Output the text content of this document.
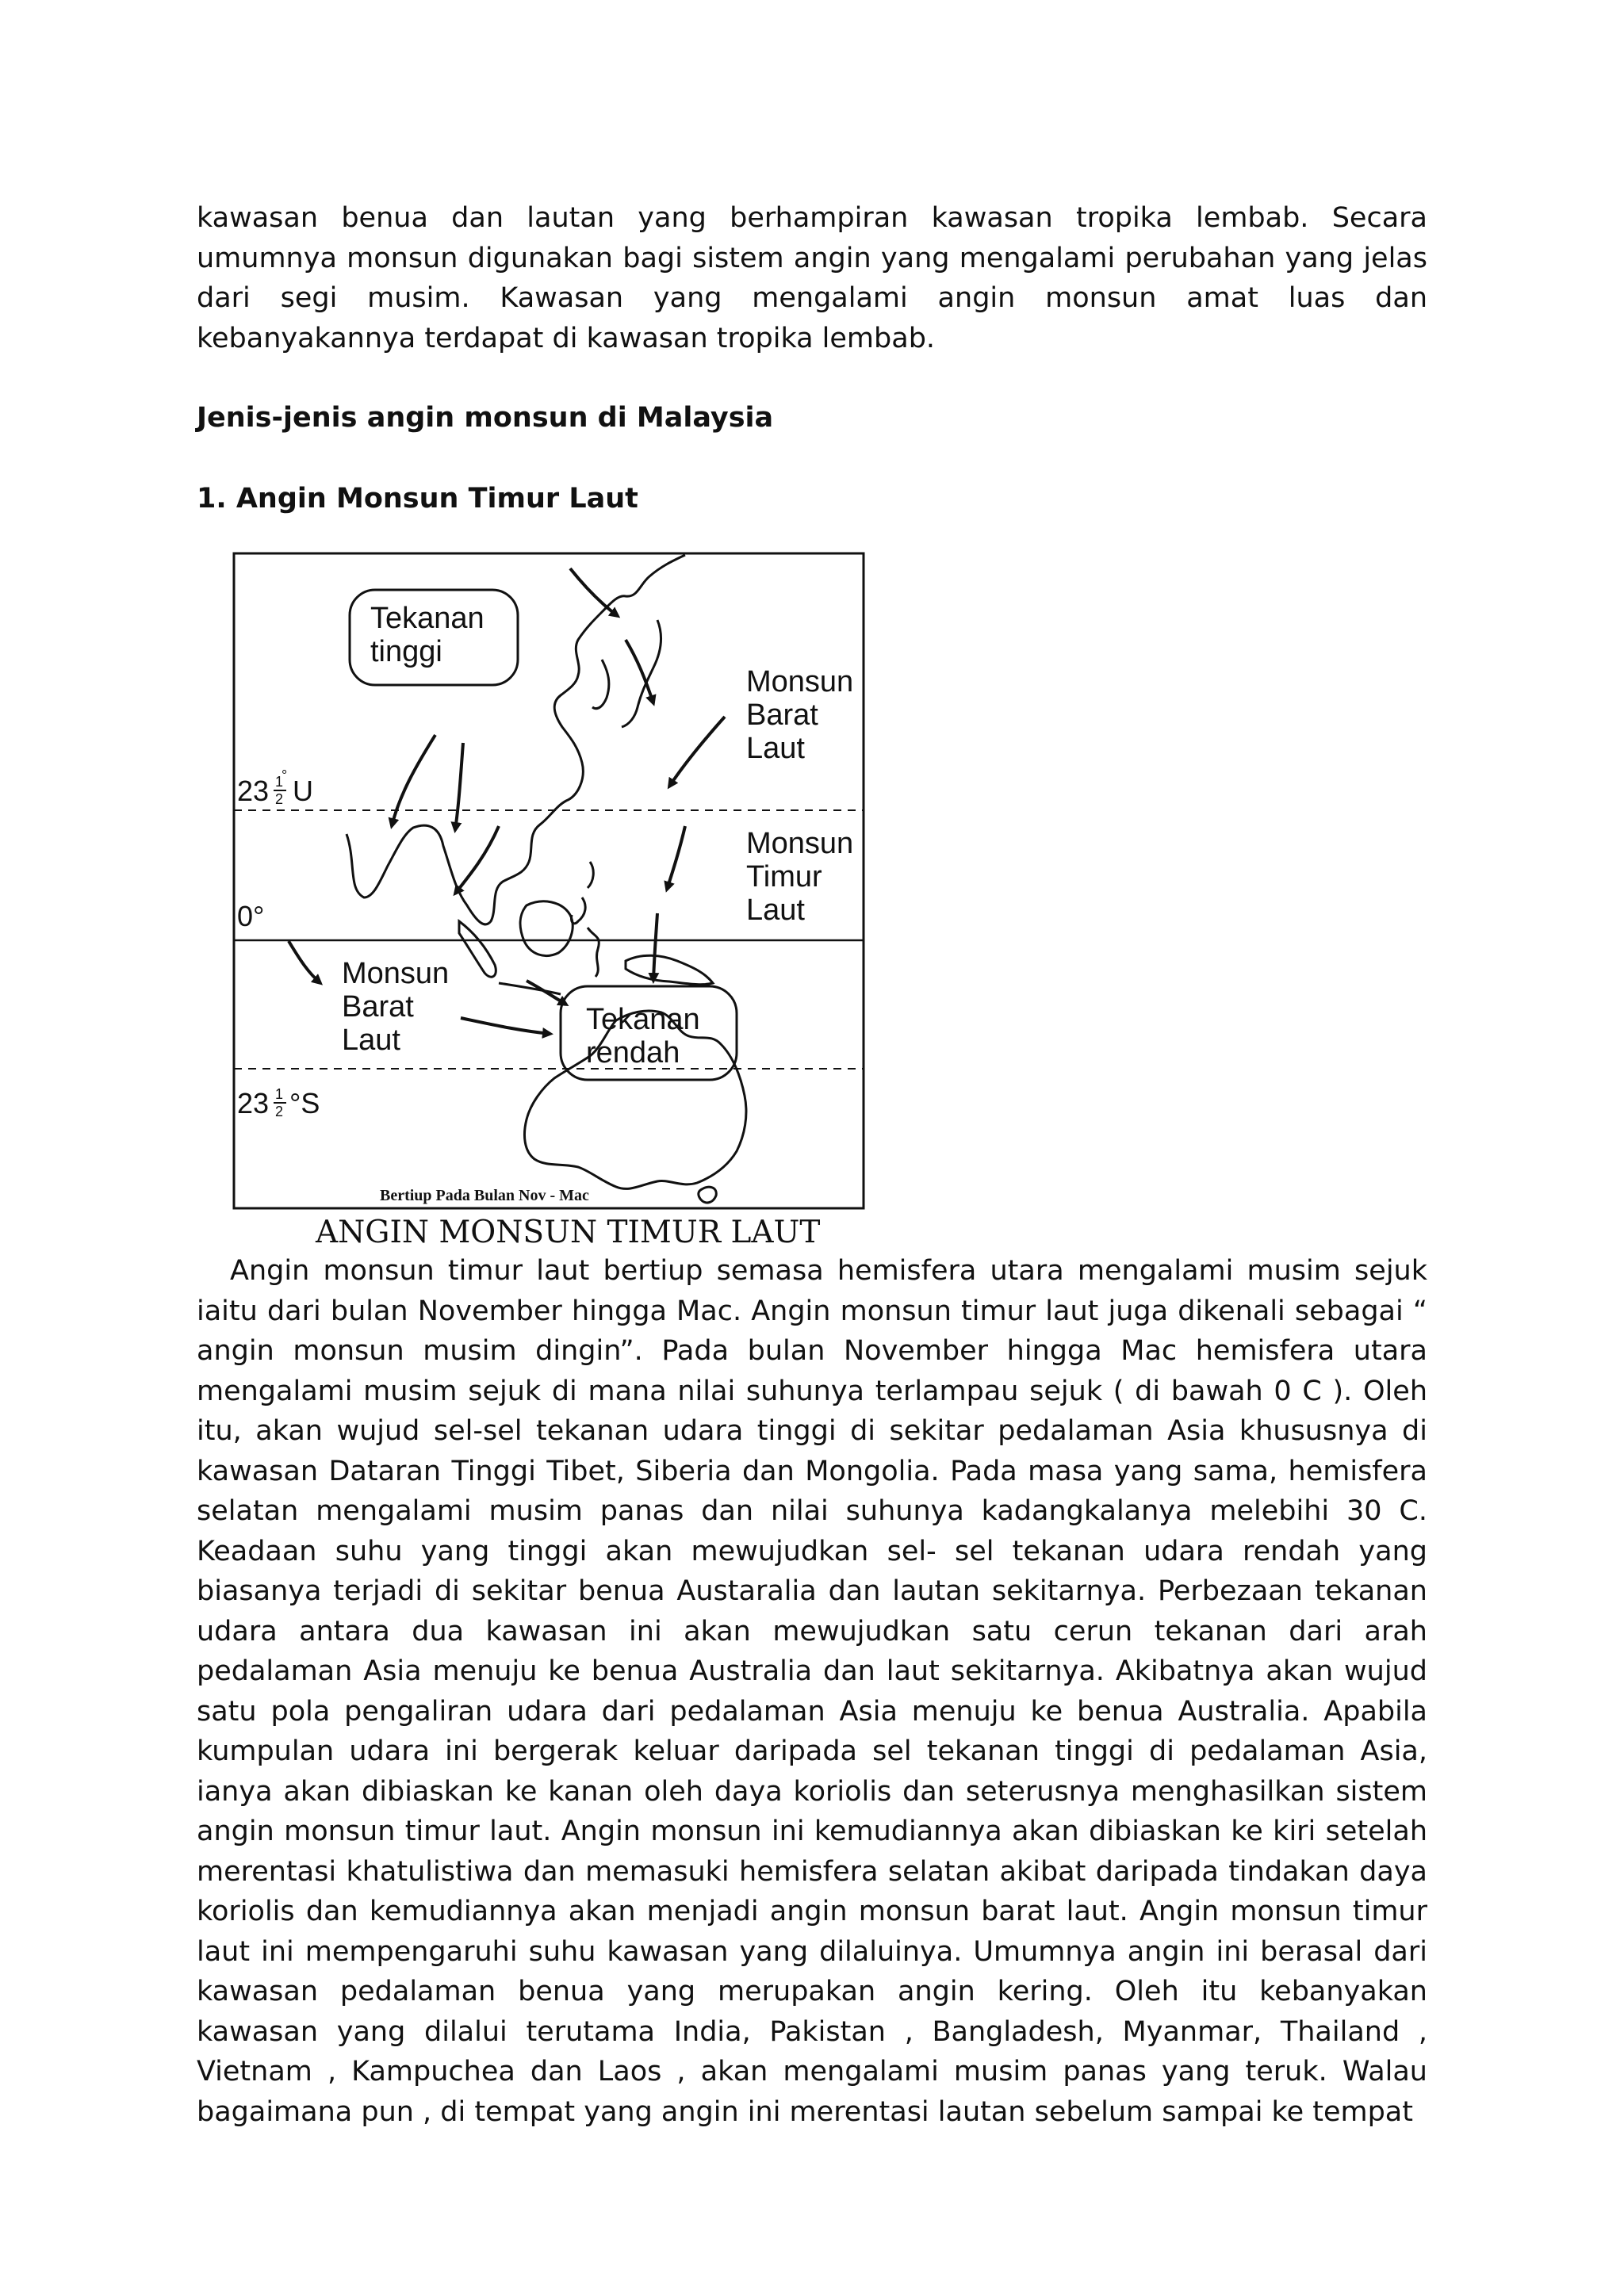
kawasan benua dan lautan yang berhampiran kawasan tropika lembab. Secara umumnya monsun digunakan bagi sistem angin yang mengalami perubahan yang jelas dari segi musim. Kawasan yang mengalami angin monsun amat luas dan kebanyakannya terdapat di kawasan tropika lembab.

Jenis-jenis angin monsun di Malaysia
1. Angin Monsun Timur Laut
Tekanan
tinggi
Tekanan
rendah
Monsun
Barat
Laut
Monsun
Timur
Laut
Monsun
Barat
Laut
23 1
2
° U
0°
23 1
2 °S
Bertiup Pada Bulan Nov - Mac
ANGIN MONSUN TIMUR LAUT

Angin monsun timur laut bertiup semasa hemisfera utara mengalami musim sejuk iaitu dari bulan November hingga Mac. Angin monsun timur laut juga dikenali sebagai “ angin monsun musim dingin”. Pada bulan November hingga Mac hemisfera utara mengalami musim sejuk di mana nilai suhunya terlampau sejuk ( di bawah 0 C ). Oleh itu, akan wujud sel-sel tekanan udara tinggi di sekitar pedalaman Asia khususnya di kawasan Dataran Tinggi Tibet, Siberia dan Mongolia. Pada masa yang sama, hemisfera selatan mengalami musim panas dan nilai suhunya kadangkalanya melebihi 30 C. Keadaan suhu yang tinggi akan mewujudkan sel- sel tekanan udara rendah yang biasanya terjadi di sekitar benua Austaralia dan lautan sekitarnya. Perbezaan tekanan udara antara dua kawasan ini akan mewujudkan satu cerun tekanan dari arah pedalaman Asia menuju ke benua Australia dan laut sekitarnya. Akibatnya akan wujud satu pola pengaliran udara dari pedalaman Asia menuju ke benua Australia. Apabila kumpulan udara ini bergerak keluar daripada sel tekanan tinggi di pedalaman Asia, ianya akan dibiaskan ke kanan oleh daya koriolis dan seterusnya menghasilkan sistem angin monsun timur laut. Angin monsun ini kemudiannya akan dibiaskan ke kiri setelah merentasi khatulistiwa dan memasuki hemisfera selatan akibat daripada tindakan daya koriolis dan kemudiannya akan menjadi angin monsun barat laut. Angin monsun timur laut ini mempengaruhi suhu kawasan yang dilaluinya. Umumnya angin ini berasal dari kawasan pedalaman benua yang merupakan angin kering. Oleh itu kebanyakan kawasan yang dilalui terutama India, Pakistan , Bangladesh, Myanmar, Thailand , Vietnam , Kampuchea dan Laos , akan mengalami musim panas yang teruk. Walau bagaimana pun , di tempat yang angin ini merentasi lautan sebelum sampai ke tempat
